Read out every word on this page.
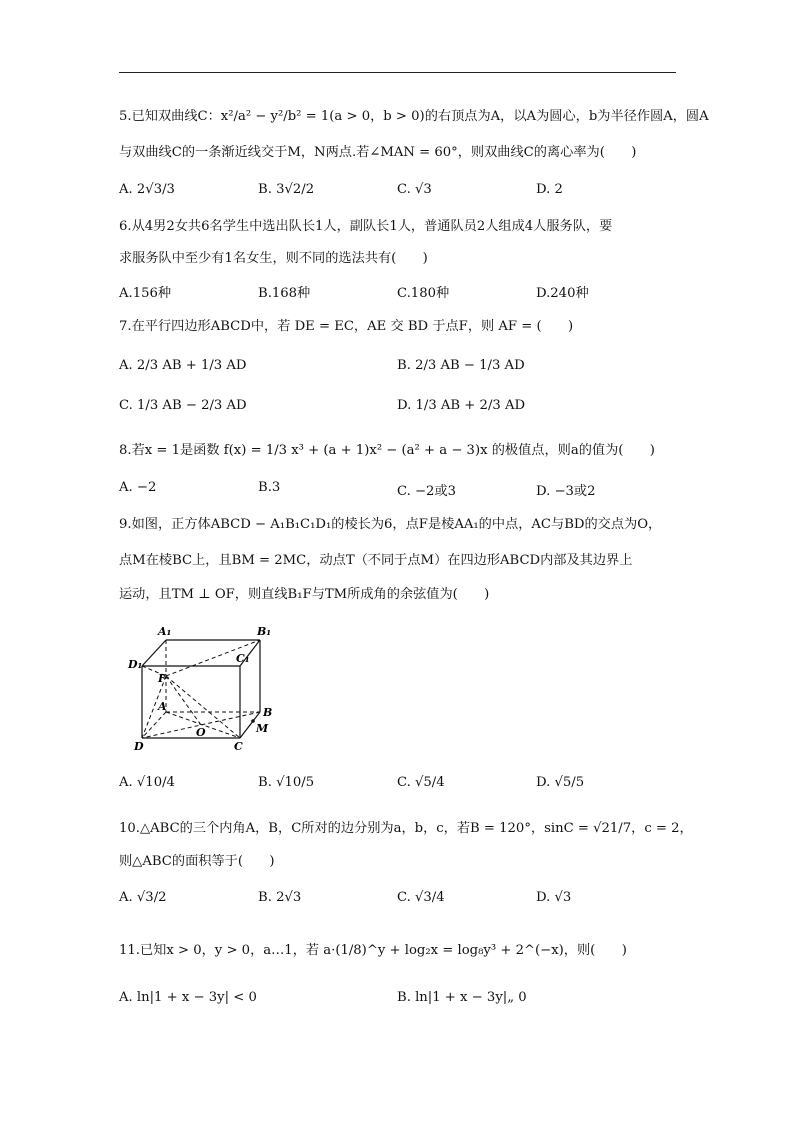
5.已知双曲线C：x²/a² − y²/b² = 1(a > 0，b > 0)的右顶点为A，以A为圆心，b为半径作圆A，圆A
与双曲线C的一条渐近线交于M，N两点.若∠MAN = 60°，则双曲线C的离心率为(　　)
A. 2√3/3	B. 3√2/2	C. √3	D. 2
6.从4男2女共6名学生中选出队长1人，副队长1人，普通队员2人组成4人服务队，要
求服务队中至少有1名女生，则不同的选法共有(　　)
A.156种	B.168种	C.180种	D.240种
7.在平行四边形ABCD中，若 DE = EC，AE 交 BD 于点F，则 AF = (　　)
A. 2/3 AB + 1/3 AD	B. 2/3 AB − 1/3 AD
C. 1/3 AB − 2/3 AD	D. 1/3 AB + 2/3 AD
8.若x = 1是函数 f(x) = 1/3 x³ + (a + 1)x² − (a² + a − 3)x 的极值点，则a的值为(　　)
A. −2	B.3	C. −2或3	D. −3或2
9.如图，正方体ABCD − A₁B₁C₁D₁的棱长为6，点F是棱AA₁的中点，AC与BD的交点为O，
点M在棱BC上，且BM = 2MC，动点T（不同于点M）在四边形ABCD内部及其边界上
运动，且TM ⊥ OF，则直线B₁F与TM所成角的余弦值为(　　)
A₁	B₁
D₁	C₁
F
A	B
O
D	C
M
A. √10/4	B. √10/5	C. √5/4	D. √5/5
10.△ABC的三个内角A，B，C所对的边分别为a，b，c，若B = 120°，sinC = √21/7，c = 2，
则△ABC的面积等于(　　)
A. √3/2	B. 2√3	C. √3/4	D. √3
11.已知x > 0，y > 0，a…1，若 a·(1/8)^y + log₂x = log₈y³ + 2^(−x)，则(　　)
A. ln|1 + x − 3y| < 0	B. ln|1 + x − 3y|„ 0
